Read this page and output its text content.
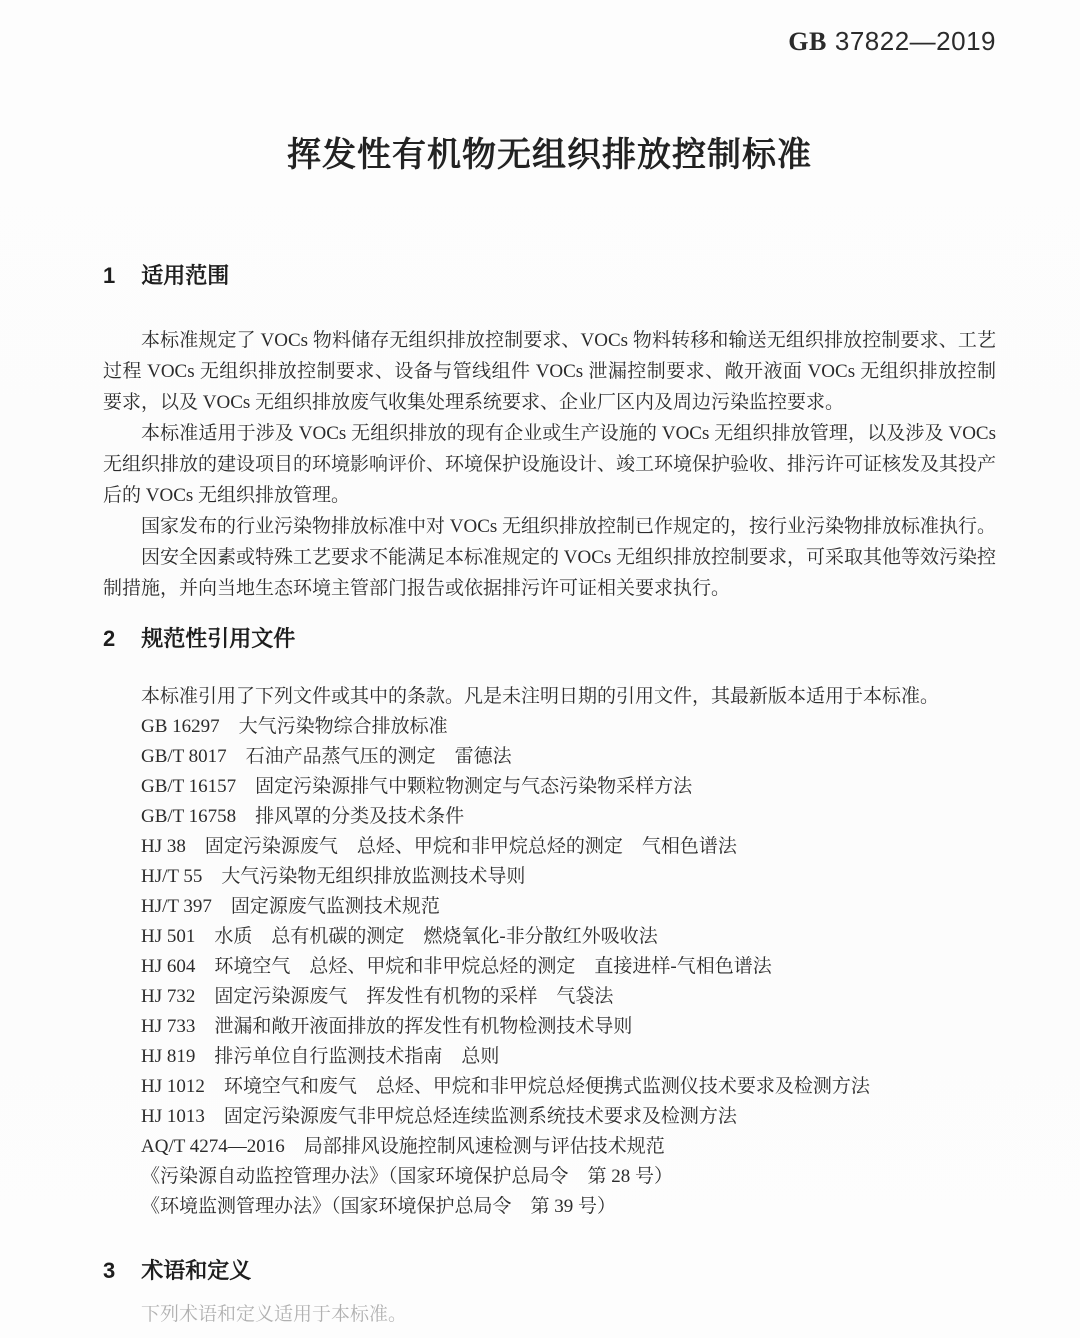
GB 37822—2019
挥发性有机物无组织排放控制标准
1 适用范围

本标准规定了 VOCs 物料储存无组织排放控制要求、VOCs 物料转移和输送无组织排放控制要求、工艺过程 VOCs 无组织排放控制要求、设备与管线组件 VOCs 泄漏控制要求、敞开液面 VOCs 无组织排放控制要求，以及 VOCs 无组织排放废气收集处理系统要求、企业厂区内及周边污染监控要求。

本标准适用于涉及 VOCs 无组织排放的现有企业或生产设施的 VOCs 无组织排放管理，以及涉及 VOCs 无组织排放的建设项目的环境影响评价、环境保护设施设计、竣工环境保护验收、排污许可证核发及其投产后的 VOCs 无组织排放管理。

国家发布的行业污染物排放标准中对 VOCs 无组织排放控制已作规定的，按行业污染物排放标准执行。

因安全因素或特殊工艺要求不能满足本标准规定的 VOCs 无组织排放控制要求，可采取其他等效污染控制措施，并向当地生态环境主管部门报告或依据排污许可证相关要求执行。

2 规范性引用文件

本标准引用了下列文件或其中的条款。凡是未注明日期的引用文件，其最新版本适用于本标准。

GB 16297　大气污染物综合排放标准
GB/T 8017　石油产品蒸气压的测定　雷德法
GB/T 16157　固定污染源排气中颗粒物测定与气态污染物采样方法
GB/T 16758　排风罩的分类及技术条件
HJ 38　固定污染源废气　总烃、甲烷和非甲烷总烃的测定　气相色谱法
HJ/T 55　大气污染物无组织排放监测技术导则
HJ/T 397　固定源废气监测技术规范
HJ 501　水质　总有机碳的测定　燃烧氧化-非分散红外吸收法
HJ 604　环境空气　总烃、甲烷和非甲烷总烃的测定　直接进样-气相色谱法
HJ 732　固定污染源废气　挥发性有机物的采样　气袋法
HJ 733　泄漏和敞开液面排放的挥发性有机物检测技术导则
HJ 819　排污单位自行监测技术指南　总则
HJ 1012　环境空气和废气　总烃、甲烷和非甲烷总烃便携式监测仪技术要求及检测方法
HJ 1013　固定污染源废气非甲烷总烃连续监测系统技术要求及检测方法
AQ/T 4274—2016　局部排风设施控制风速检测与评估技术规范
《污染源自动监控管理办法》（国家环境保护总局令　第 28 号）
《环境监测管理办法》（国家环境保护总局令　第 39 号）
3 术语和定义
下列术语和定义适用于本标准。
